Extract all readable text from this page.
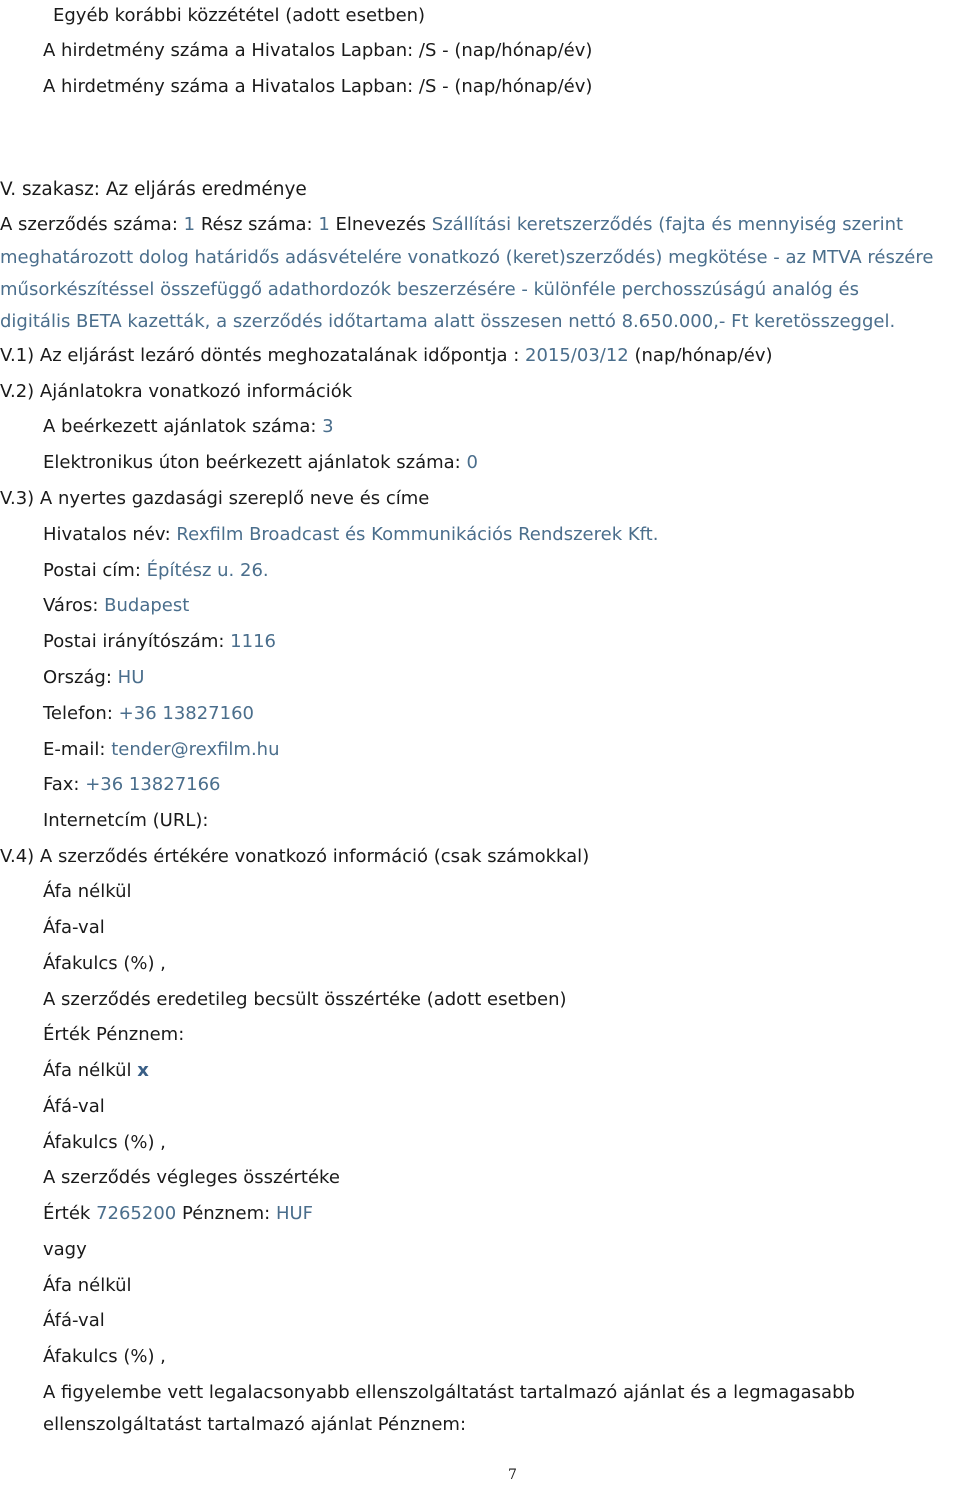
Egyéb korábbi közzététel (adott esetben)
A hirdetmény száma a Hivatalos Lapban: /S - (nap/hónap/év)
A hirdetmény száma a Hivatalos Lapban: /S - (nap/hónap/év)
V. szakasz: Az eljárás eredménye
A szerződés száma: 1 Rész száma: 1 Elnevezés Szállítási keretszerződés (fajta és mennyiség szerint
meghatározott dolog határidős adásvételére vonatkozó (keret)szerződés) megkötése - az MTVA részére
műsorkészítéssel összefüggő adathordozók beszerzésére - különféle perchosszúságú analóg és
digitális BETA kazetták, a szerződés időtartama alatt összesen nettó 8.650.000,- Ft keretösszeggel.
V.1) Az eljárást lezáró döntés meghozatalának időpontja : 2015/03/12 (nap/hónap/év)
V.2) Ajánlatokra vonatkozó információk
A beérkezett ajánlatok száma: 3
Elektronikus úton beérkezett ajánlatok száma: 0
V.3) A nyertes gazdasági szereplő neve és címe
Hivatalos név: Rexfilm Broadcast és Kommunikációs Rendszerek Kft.
Postai cím: Építész u. 26.
Város: Budapest
Postai irányítószám: 1116
Ország: HU
Telefon: +36 13827160
E-mail: tender@rexfilm.hu
Fax: +36 13827166
Internetcím (URL):
V.4) A szerződés értékére vonatkozó információ (csak számokkal)
Áfa nélkül
Áfa-val
Áfakulcs (%) ,
A szerződés eredetileg becsült összértéke (adott esetben)
Érték Pénznem:
Áfa nélkül x
Áfá-val
Áfakulcs (%) ,
A szerződés végleges összértéke
Érték 7265200 Pénznem: HUF
vagy
Áfa nélkül
Áfá-val
Áfakulcs (%) ,
A figyelembe vett legalacsonyabb ellenszolgáltatást tartalmazó ajánlat és a legmagasabb
ellenszolgáltatást tartalmazó ajánlat Pénznem:
7
